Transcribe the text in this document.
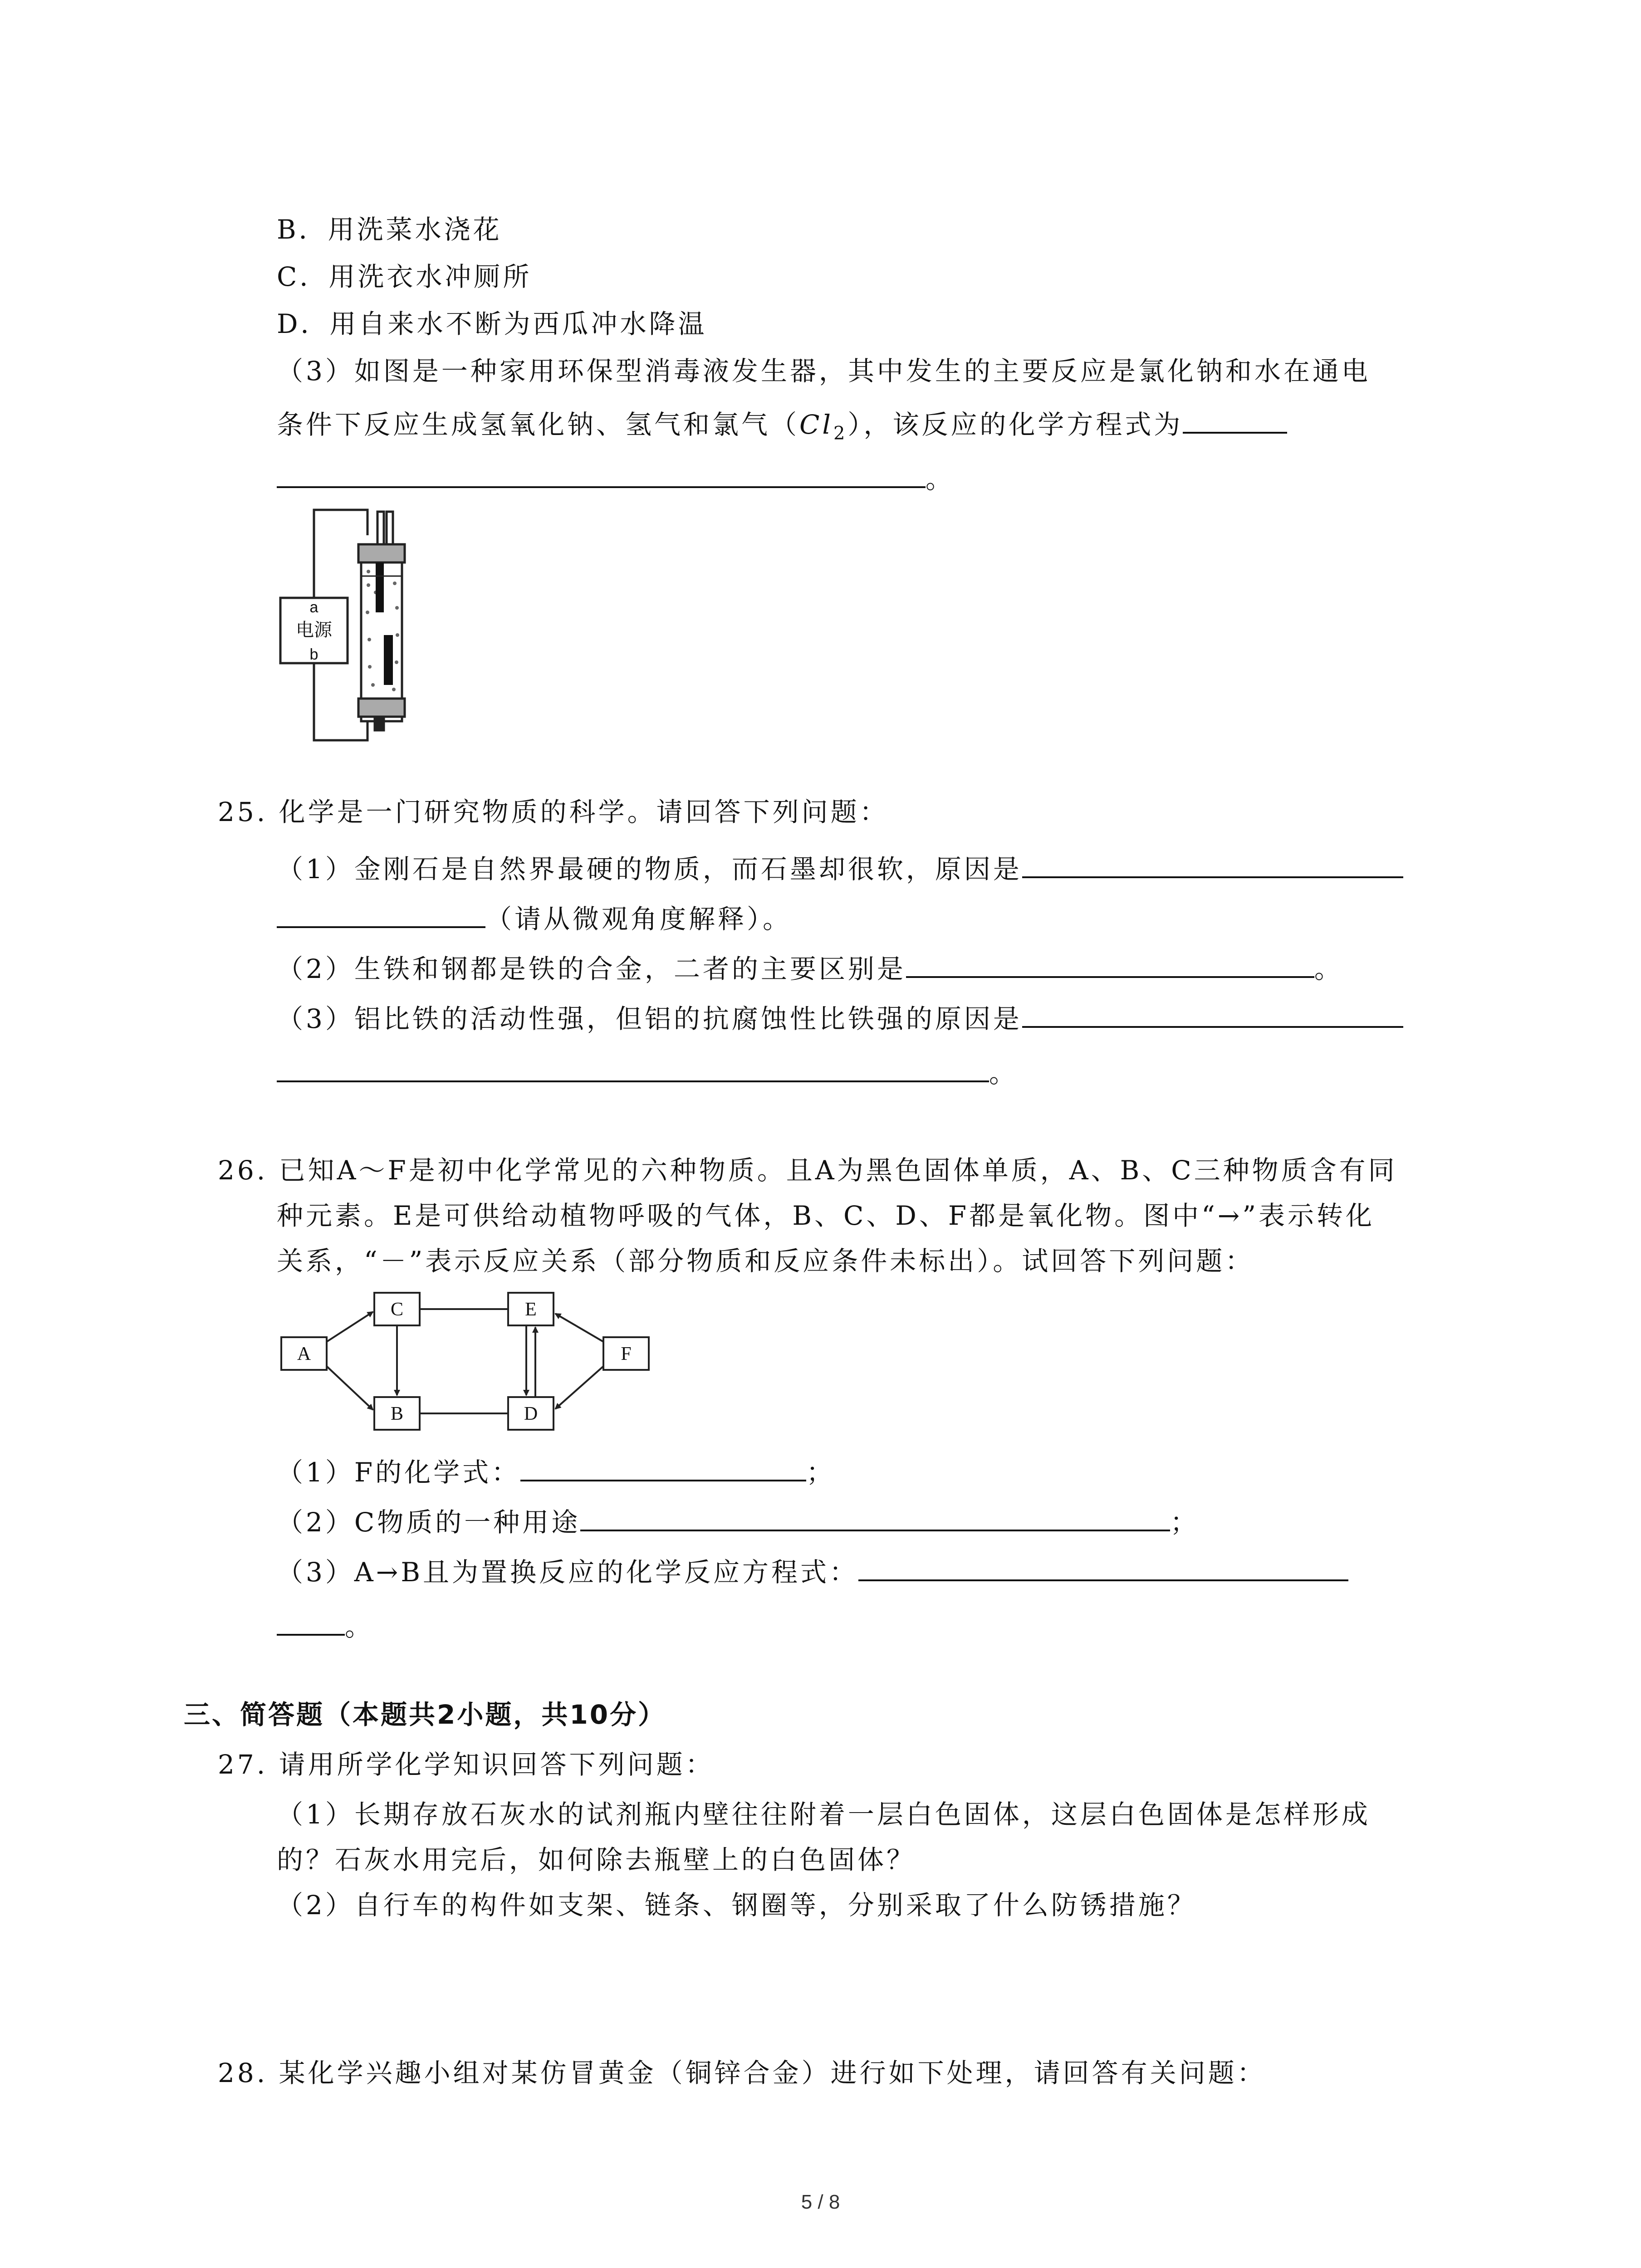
B．用洗菜水浇花
C．用洗衣水冲厕所
D．用自来水不断为西瓜冲水降温
（3）如图是一种家用环保型消毒液发生器，其中发生的主要反应是氯化钠和水在通电
条件下反应生成氢氧化钠、氢气和氯气$(Cl_2)$，该反应的化学方程式为
。
a
电源
b
25. 化学是一门研究物质的科学。请回答下列问题：
（1）金刚石是自然界最硬的物质，而石墨却很软，原因是
（请从微观角度解释）。
（2）生铁和钢都是铁的合金，二者的主要区别是	。
（3）铝比铁的活动性强，但铝的抗腐蚀性比铁强的原因是
。
26. 已知A～F是初中化学常见的六种物质。且A为黑色固体单质，A、B、C三种物质含有同
种元素。E是可供给动植物呼吸的气体，B、C、D、F都是氧化物。图中“→”表示转化
关系，“－”表示反应关系（部分物质和反应条件未标出）。试回答下列问题：
A
C
B
E
D
F
（1）F的化学式：	；
（2）C物质的一种用途	；
（3）A→B且为置换反应的化学反应方程式：
。
三、简答题（本题共2小题，共10分）
27. 请用所学化学知识回答下列问题：
（1）长期存放石灰水的试剂瓶内壁往往附着一层白色固体，这层白色固体是怎样形成
的？石灰水用完后，如何除去瓶壁上的白色固体？
（2）自行车的构件如支架、链条、钢圈等，分别采取了什么防锈措施？
28. 某化学兴趣小组对某仿冒黄金（铜锌合金）进行如下处理，请回答有关问题：
5 / 8
